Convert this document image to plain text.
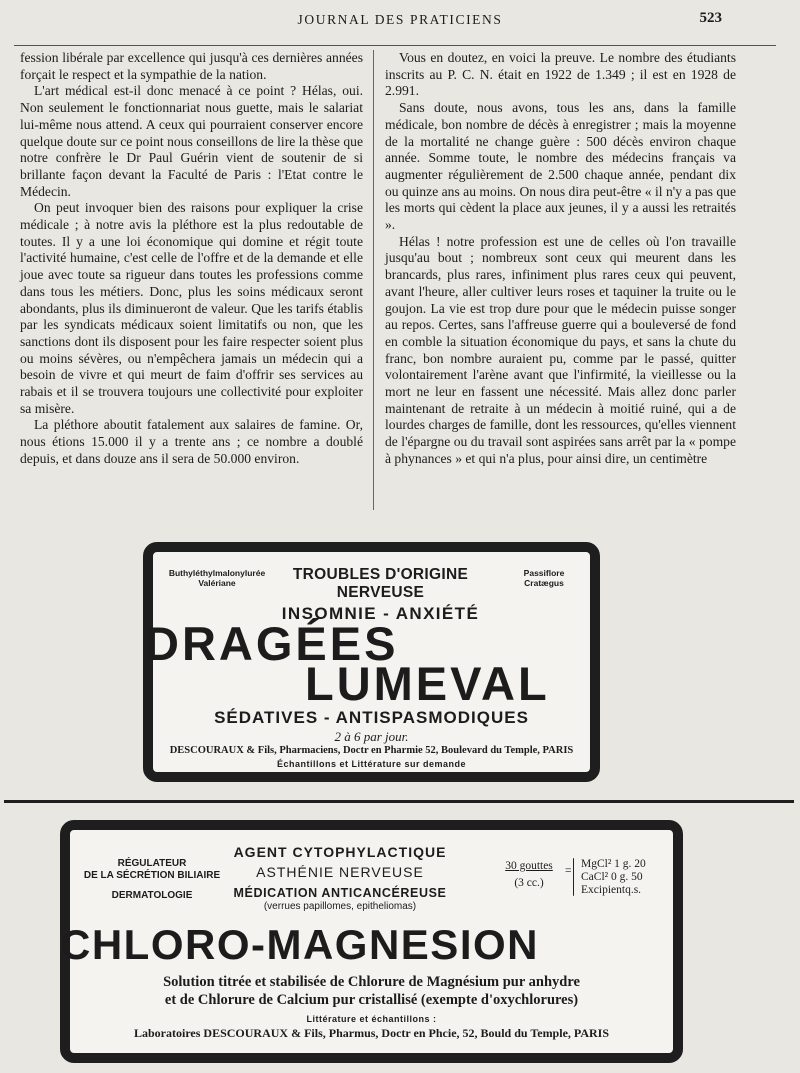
JOURNAL DES PRATICIENS	523

fession libérale par excellence qui jusqu'à ces dernières années forçait le respect et la sympathie de la nation.

L'art médical est-il donc menacé à ce point ? Hélas, oui. Non seulement le fonctionnariat nous guette, mais le salariat lui-même nous attend. A ceux qui pourraient conserver encore quelque doute sur ce point nous conseillons de lire la thèse que notre confrère le Dr Paul Guérin vient de soutenir de si brillante façon devant la Faculté de Paris : l'Etat contre le Médecin.

On peut invoquer bien des raisons pour expliquer la crise médicale ; à notre avis la pléthore est la plus redoutable de toutes. Il y a une loi économique qui domine et régit toute l'activité humaine, c'est celle de l'offre et de la demande et elle joue avec toute sa rigueur dans toutes les professions comme dans tous les métiers. Donc, plus les soins médicaux seront abondants, plus ils diminueront de valeur. Que les tarifs établis par les syndicats médicaux soient limitatifs ou non, que les sanctions dont ils disposent pour les faire respecter soient plus ou moins sévères, ou n'empêchera jamais un médecin qui a besoin de vivre et qui meurt de faim d'offrir ses services au rabais et il se trouvera toujours une collectivité pour exploiter sa misère.

La pléthore aboutit fatalement aux salaires de famine. Or, nous étions 15.000 il y a trente ans ; ce nombre a doublé depuis, et dans douze ans il sera de 50.000 environ.

Vous en doutez, en voici la preuve. Le nombre des étudiants inscrits au P. C. N. était en 1922 de 1.349 ; il est en 1928 de 2.991.

Sans doute, nous avons, tous les ans, dans la famille médicale, bon nombre de décès à enregistrer ; mais la moyenne de la mortalité ne change guère : 500 décès environ chaque année. Somme toute, le nombre des médecins français va augmenter régulièrement de 2.500 chaque année, pendant dix ou quinze ans au moins. On nous dira peut-être « il n'y a pas que les morts qui cèdent la place aux jeunes, il y a aussi les retraités ».

Hélas ! notre profession est une de celles où l'on travaille jusqu'au bout ; nombreux sont ceux qui meurent dans les brancards, plus rares, infiniment plus rares ceux qui peuvent, avant l'heure, aller cultiver leurs roses et taquiner la truite ou le goujon. La vie est trop dure pour que le médecin puisse songer au repos. Certes, sans l'affreuse guerre qui a bouleversé de fond en comble la situation économique du pays, et sans la chute du franc, bon nombre auraient pu, comme par le passé, quitter volontairement l'arène avant que l'infirmité, la vieillesse ou la mort ne leur en fassent une nécessité. Mais allez donc parler maintenant de retraite à un médecin à moitié ruiné, qui a de lourdes charges de famille, dont les ressources, qu'elles viennent de l'épargne ou du travail sont aspirées sans arrêt par la « pompe à phynances » et qui n'a plus, pour ainsi dire, un centimètre

Buthyléthylmalonylurée Valériane
Passiflore Cratægus
TROUBLES D'ORIGINE NERVEUSE
INSOMNIE - ANXIÉTÉ
DRAGÉES
LUMEVAL
SÉDATIVES - ANTISPASMODIQUES
2 à 6 par jour.
DESCOURAUX & Fils, Pharmaciens, Doctr en Pharmie 52, Boulevard du Temple, PARIS
Échantillons et Littérature sur demande
RÉGULATEUR
DE LA SÉCRÉTION BILIAIRE
DERMATOLOGIE
AGENT CYTOPHYLACTIQUE
ASTHÉNIE NERVEUSE
MÉDICATION ANTICANCÉREUSE
(verrues papillomes, epitheliomas)
30 gouttes
(3 cc.)
=
MgCl² 1 g. 20
CaCl² 0 g. 50
Excipientq.s.
CHLORO-MAGNESION
Solution titrée et stabilisée de Chlorure de Magnésium pur anhydre
et de Chlorure de Calcium pur cristallisé (exempte d'oxychlorures)
Littérature et échantillons :
Laboratoires DESCOURAUX & Fils, Pharmus, Doctr en Phcie, 52, Bould du Temple, PARIS
